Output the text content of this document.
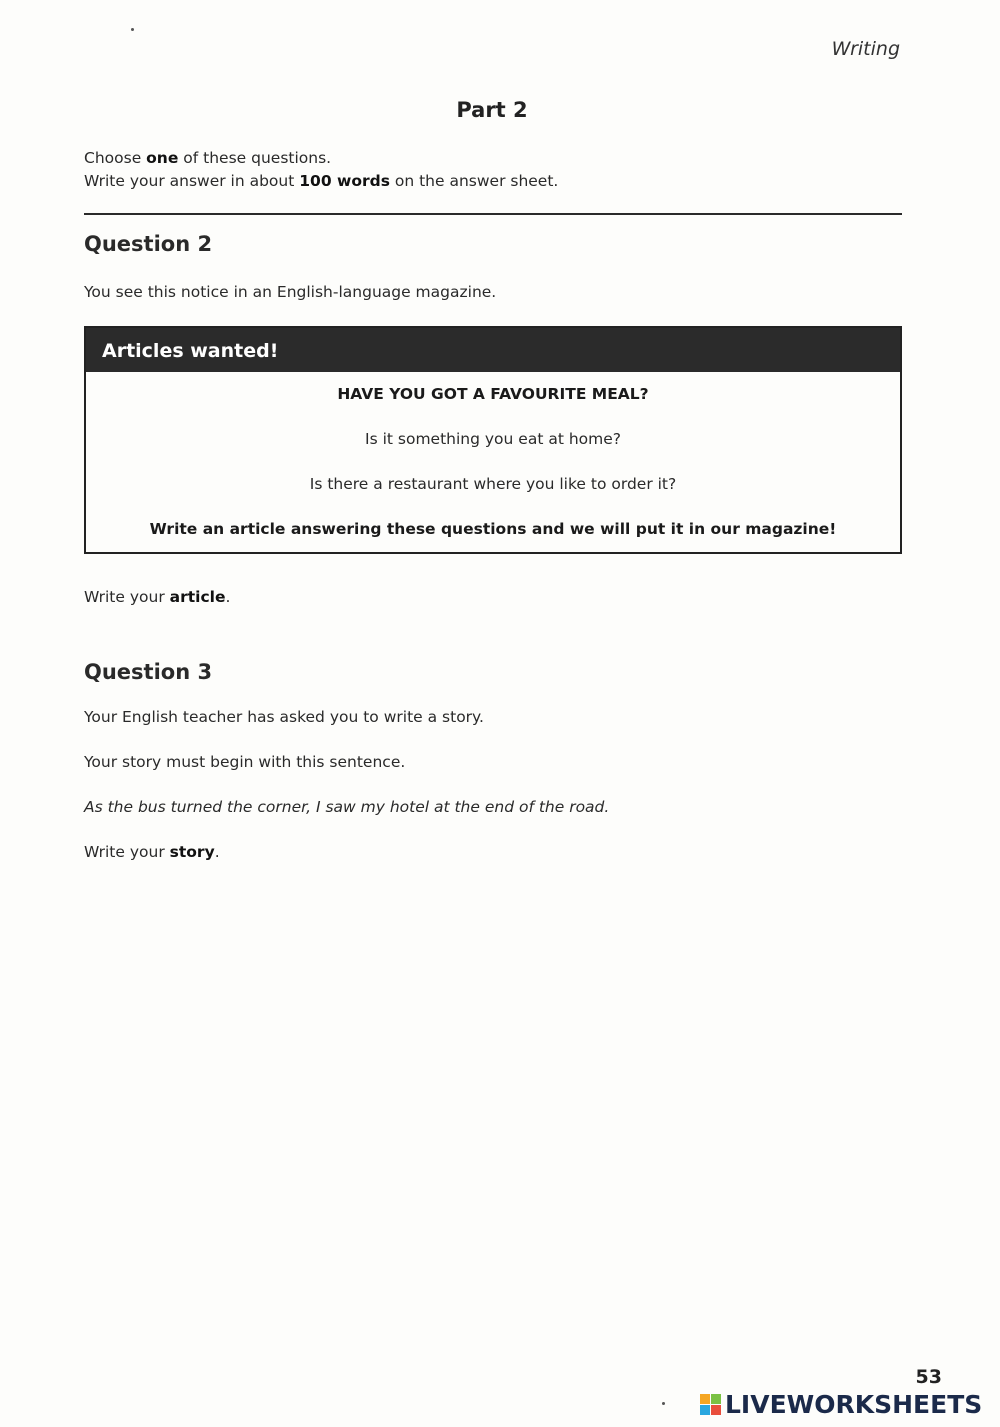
Writing
Part 2
Choose one of these questions.
Write your answer in about 100 words on the answer sheet.
Question 2
You see this notice in an English-language magazine.
Articles wanted!
HAVE YOU GOT A FAVOURITE MEAL?
Is it something you eat at home?
Is there a restaurant where you like to order it?
Write an article answering these questions and we will put it in our magazine!
Write your article.
Question 3
Your English teacher has asked you to write a story.
Your story must begin with this sentence.
As the bus turned the corner, I saw my hotel at the end of the road.
Write your story.
53
LIVEWORKSHEETS
